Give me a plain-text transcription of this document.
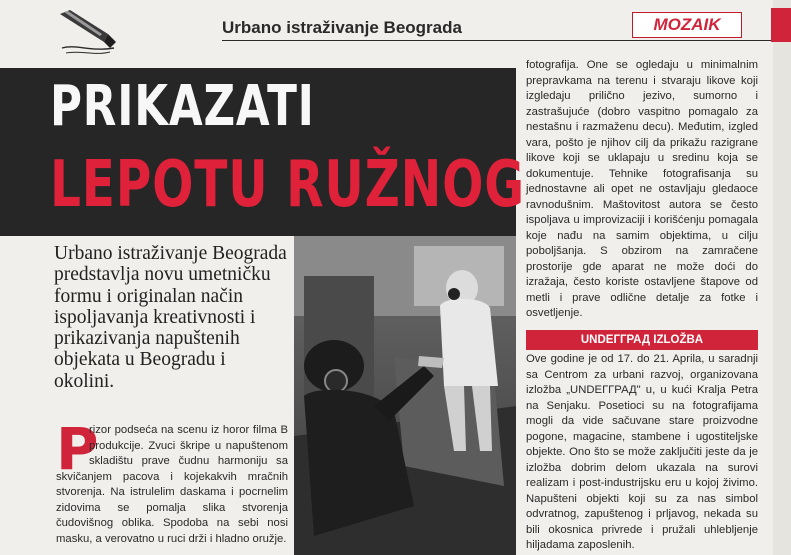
Urbano istraživanje Beograda	MOZAIK
PRIKAZATI
LEPOTU RUŽNOG
Urbano istraživanje Beograda predstavlja novu umetničku formu i originalan način ispoljavanja kreativnosti i prikazivanja napuštenih objekata u Beogradu i okolini.
P
rizor podseća na scenu iz horor filma B produkcije. Zvuci škripe u napuštenom skladištu prave čudnu harmoniju sa skvičanjem pacova i kojekakvih mračnih stvorenja. Na istrulelim daskama i pocrnelim zidovima se pomalja slika stvorenja čudovišnog oblika. Spodoba na sebi nosi masku, a verovatno u ruci drži i hladno oružje.
fotografija. One se ogledaju u minimalnim prepravkama na terenu i stvaraju likove koji izgledaju prilično jezivo, sumorno i zastrašujuće (dobro vaspitno pomagalo za nestašnu i razmaženu decu). Međutim, izgled vara, pošto je njihov cilj da prikažu razigrane likove koji se uklapaju u sredinu koja se dokumentuje. Tehnike fotografisanja su jednostavne ali opet ne ostavljaju gledaoce ravnodušnim. Maštovitost autora se često ispoljava u improvizaciji i korišćenju pomagala koje nađu na samim objektima, u cilju poboljšanja. S obzirom na zamračene prostorije gde aparat ne može doći do izražaja, često koriste ostavljene štapove od metli i prave odlične detalje za fotke i osvetljenje.
UNDEГГРАД IZLOŽBA
Ove godine je od 17. do 21. Aprila, u saradnji sa Centrom za urbani razvoj, organizovana izložba „UNDEГГРАД" u, u kući Kralja Petra na Senjaku. Posetioci su na fotografijama mogli da vide sačuvane stare proizvodne pogone, magacine, stambene i ugostiteljske objekte. Ono što se može zaključiti jeste da je izložba dobrim delom ukazala na surovi realizam i post-industrijsku eru u kojoj živimo. Napušteni objekti koji su za nas simbol odvratnog, zapuštenog i prljavog, nekada su bili okosnica privrede i pružali uhlebljenje hiljadama zaposlenih.
